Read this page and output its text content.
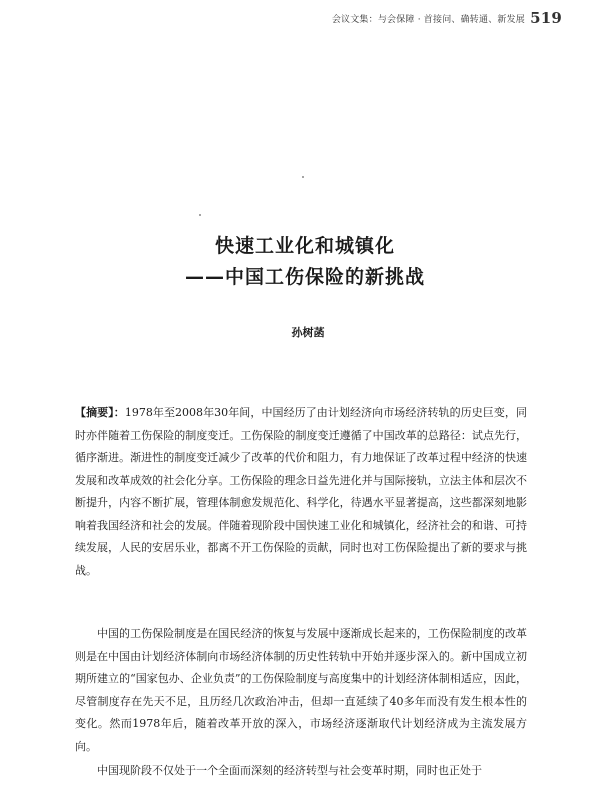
会议文集：与会保障 · 首接问、确转通、新发展 519
快速工业化和城镇化
——中国工伤保险的新挑战
孙树菡

【摘要】：1978年至2008年30年间，中国经历了由计划经济向市场经济转轨的历史巨变，同时亦伴随着工伤保险的制度变迁。工伤保险的制度变迁遵循了中国改革的总路径：试点先行，循序渐进。渐进性的制度变迁减少了改革的代价和阻力，有力地保证了改革过程中经济的快速发展和改革成效的社会化分享。工伤保险的理念日益先进化并与国际接轨，立法主体和层次不断提升，内容不断扩展，管理体制愈发规范化、科学化，待遇水平显著提高，这些都深刻地影响着我国经济和社会的发展。伴随着现阶段中国快速工业化和城镇化，经济社会的和谐、可持续发展，人民的安居乐业，都离不开工伤保险的贡献，同时也对工伤保险提出了新的要求与挑战。

中国的工伤保险制度是在国民经济的恢复与发展中逐渐成长起来的，工伤保险制度的改革则是在中国由计划经济体制向市场经济体制的历史性转轨中开始并逐步深入的。新中国成立初期所建立的“国家包办、企业负责”的工伤保险制度与高度集中的计划经济体制相适应，因此，尽管制度存在先天不足，且历经几次政治冲击，但却一直延续了40多年而没有发生根本性的变化。然而1978年后，随着改革开放的深入，市场经济逐渐取代计划经济成为主流发展方向。

中国现阶段不仅处于一个全面而深刻的经济转型与社会变革时期，同时也正处于
